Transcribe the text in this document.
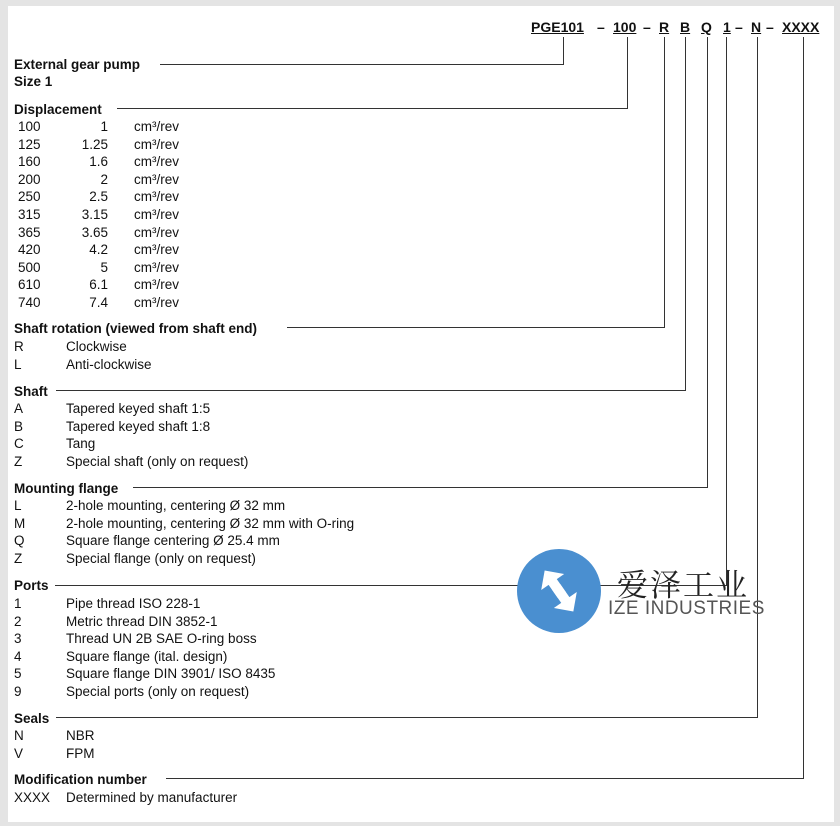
PGE101 – 100 – R B Q 1 – N – XXXX
External gear pump
Size 1
Displacement
100	1 cm³/rev
125	1.25 cm³/rev
160	1.6 cm³/rev
200	2 cm³/rev
250	2.5 cm³/rev
315	3.15 cm³/rev
365	3.65 cm³/rev
420	4.2 cm³/rev
500	5 cm³/rev
610	6.1 cm³/rev
740	7.4 cm³/rev
Shaft rotation (viewed from shaft end)
Shaft
Mounting flange
Ports
Seals
Modification number
R	Clockwise
L	Anti-clockwise
A	Tapered keyed shaft 1:5
B	Tapered keyed shaft 1:8
C	Tang
Z	Special shaft (only on request)
L	2-hole mounting, centering Ø 32 mm
M	2-hole mounting, centering Ø 32 mm with O-ring
Q	Square flange centering Ø 25.4 mm
Z	Special flange (only on request)
1	Pipe thread ISO 228-1
2	Metric thread DIN 3852-1
3	Thread UN 2B SAE O-ring boss
4	Square flange (ital. design)
5	Square flange DIN 3901/ ISO 8435
9	Special ports (only on request)
N	NBR
V	FPM
XXXX Determined by manufacturer
爱泽工业
IZE INDUSTRIES
